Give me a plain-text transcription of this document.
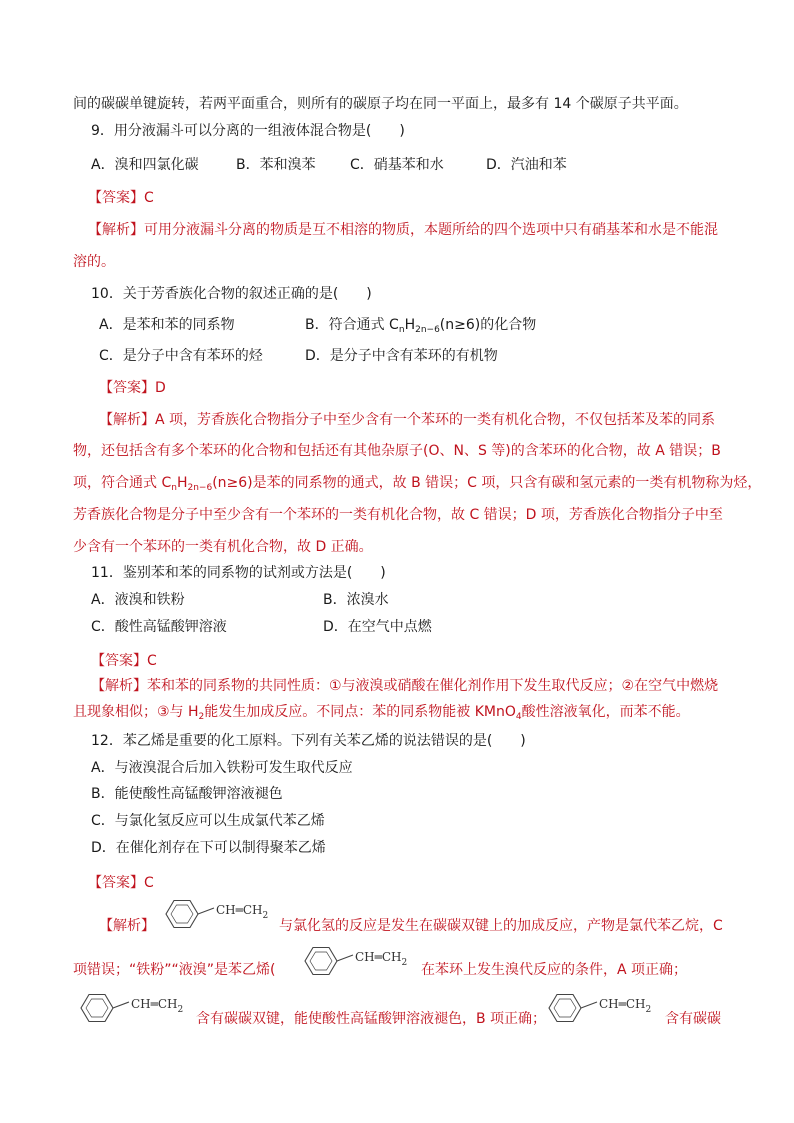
间的碳碳单键旋转，若两平面重合，则所有的碳原子均在同一平面上，最多有 14 个碳原子共平面。
9．用分液漏斗可以分离的一组液体混合物是(　　)
A．溴和四氯化碳	B．苯和溴苯 C．硝基苯和水	D．汽油和苯
【答案】C
【解析】可用分液漏斗分离的物质是互不相溶的物质，本题所给的四个选项中只有硝基苯和水是不能混
溶的。
10．关于芳香族化合物的叙述正确的是(　　)
A．是苯和苯的同系物	B．符合通式 $C_nH_{2n-6}(n\ge 6)$的化合物
C．是分子中含有苯环的烃	D．是分子中含有苯环的有机物
【答案】D
【解析】A 项，芳香族化合物指分子中至少含有一个苯环的一类有机化合物，不仅包括苯及苯的同系
物，还包括含有多个苯环的化合物和包括还有其他杂原子(O、N、S 等)的含苯环的化合物，故 A 错误；B
项，符合通式 $C_nH_{2n-6}(n\ge 6)$是苯的同系物的通式，故 B 错误；C 项，只含有碳和氢元素的一类有机物称为烃，
芳香族化合物是分子中至少含有一个苯环的一类有机化合物，故 C 错误；D 项，芳香族化合物指分子中至
少含有一个苯环的一类有机化合物，故 D 正确。
11．鉴别苯和苯的同系物的试剂或方法是(　　)
A．液溴和铁粉	B．浓溴水
C．酸性高锰酸钾溶液	D．在空气中点燃
【答案】C
【解析】苯和苯的同系物的共同性质：①与液溴或硝酸在催化剂作用下发生取代反应；②在空气中燃烧
且现象相似；③与 $H_2$能发生加成反应。不同点：苯的同系物能被 KMnO$_4$酸性溶液氧化，而苯不能。
12．苯乙烯是重要的化工原料。下列有关苯乙烯的说法错误的是(　　)
A．与液溴混合后加入铁粉可发生取代反应
B．能使酸性高锰酸钾溶液褪色
C．与氯化氢反应可以生成氯代苯乙烯
D．在催化剂存在下可以制得聚苯乙烯
【答案】C
【解析】
$CH═CH_2$
与氯化氢的反应是发生在碳碳双键上的加成反应，产物是氯代苯乙烷，C
项错误；“铁粉”“液溴”是苯乙烯(
$CH═CH_2$ 在苯环上发生溴代反应的条件，A 项正确；
$CH═CH_2$
含有碳碳双键，能使酸性高锰酸钾溶液褪色，B 项正确；
$CH═CH_2$
含有碳碳
